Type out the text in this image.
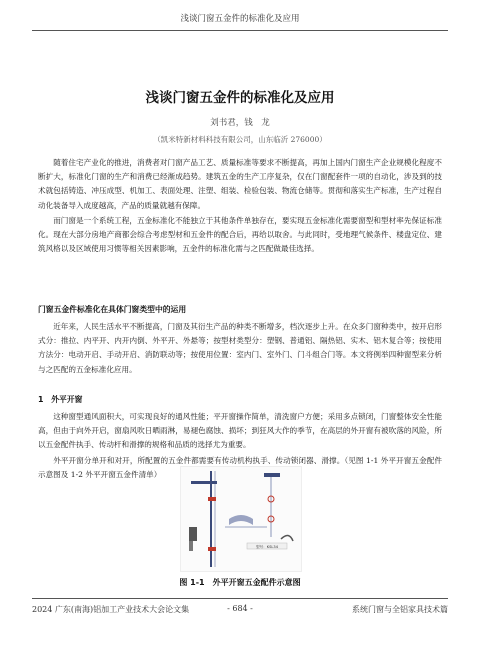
浅谈门窗五金件的标准化及应用
浅谈门窗五金件的标准化及应用
刘书君，钱　龙
（凯米特新材料科技有限公司，山东临沂 276000）

随着住宅产业化的推进，消费者对门窗产品工艺、质量标准等要求不断提高，再加上国内门窗生产企业规模化程度不断扩大，标准化门窗的生产和消费已经渐成趋势。建筑五金的生产工序复杂，仅在门窗配套件一项的自动化，涉及到的技术就包括铸造、冲压成型、机加工、表面处理、注塑、组装、检验包装、物流仓储等。贯彻和落实生产标准，生产过程自动化装备导入成度越高，产品的质量就越有保障。

而门窗是一个系统工程，五金标准化不能独立于其他条件单独存在，要实现五金标准化需要窗型和型材率先保证标准化。现在大部分房地产商都会综合考虑型材和五金件的配合后，再给以取舍。与此同时，受地理气候条件、楼盘定位、建筑风格以及区域使用习惯等相关因素影响，五金件的标准化需与之匹配做最佳选择。

门窗五金件标准化在具体门窗类型中的运用

近年来，人民生活水平不断提高，门窗及其衍生产品的种类不断增多，档次逐步上升。在众多门窗种类中，按开启形式分：推拉、内平开、内开内倒、外平开、外悬等；按型材类型分：塑钢、普通铝、隔热铝、实木、铝木复合等；按使用方法分：电动开启、手动开启、消防联动等；按使用位置：室内门、室外门、门斗组合门等。本文将例举四种窗型来分析与之匹配的五金标准化应用。

1　外平开窗

这种窗型通风面积大，可实现良好的通风性能；平开窗操作简单，清洗窗户方便；采用多点锁闭，门窗整体安全性能高，但由于向外开启，窗扇风吹日晒雨淋，易褪色腐蚀、损坏；到狂风大作的季节，在高层的外开窗有被吹落的风险，所以五金配件执手、传动杆和滑撑的规格和品质的选择尤为重要。

外平开窗分单开和对开，所配置的五金件都需要有传动机构执手、传动锁闭器、滑撑。（见图 1-1 外平开窗五金配件示意图及 1-2 外平开窗五金件清单）

型号：KSL34
图 1-1　外平开窗五金配件示意图
2024 广东(南海)铝加工产业技术大会论文集	- 684 -	系统门窗与全铝家具技术篇
